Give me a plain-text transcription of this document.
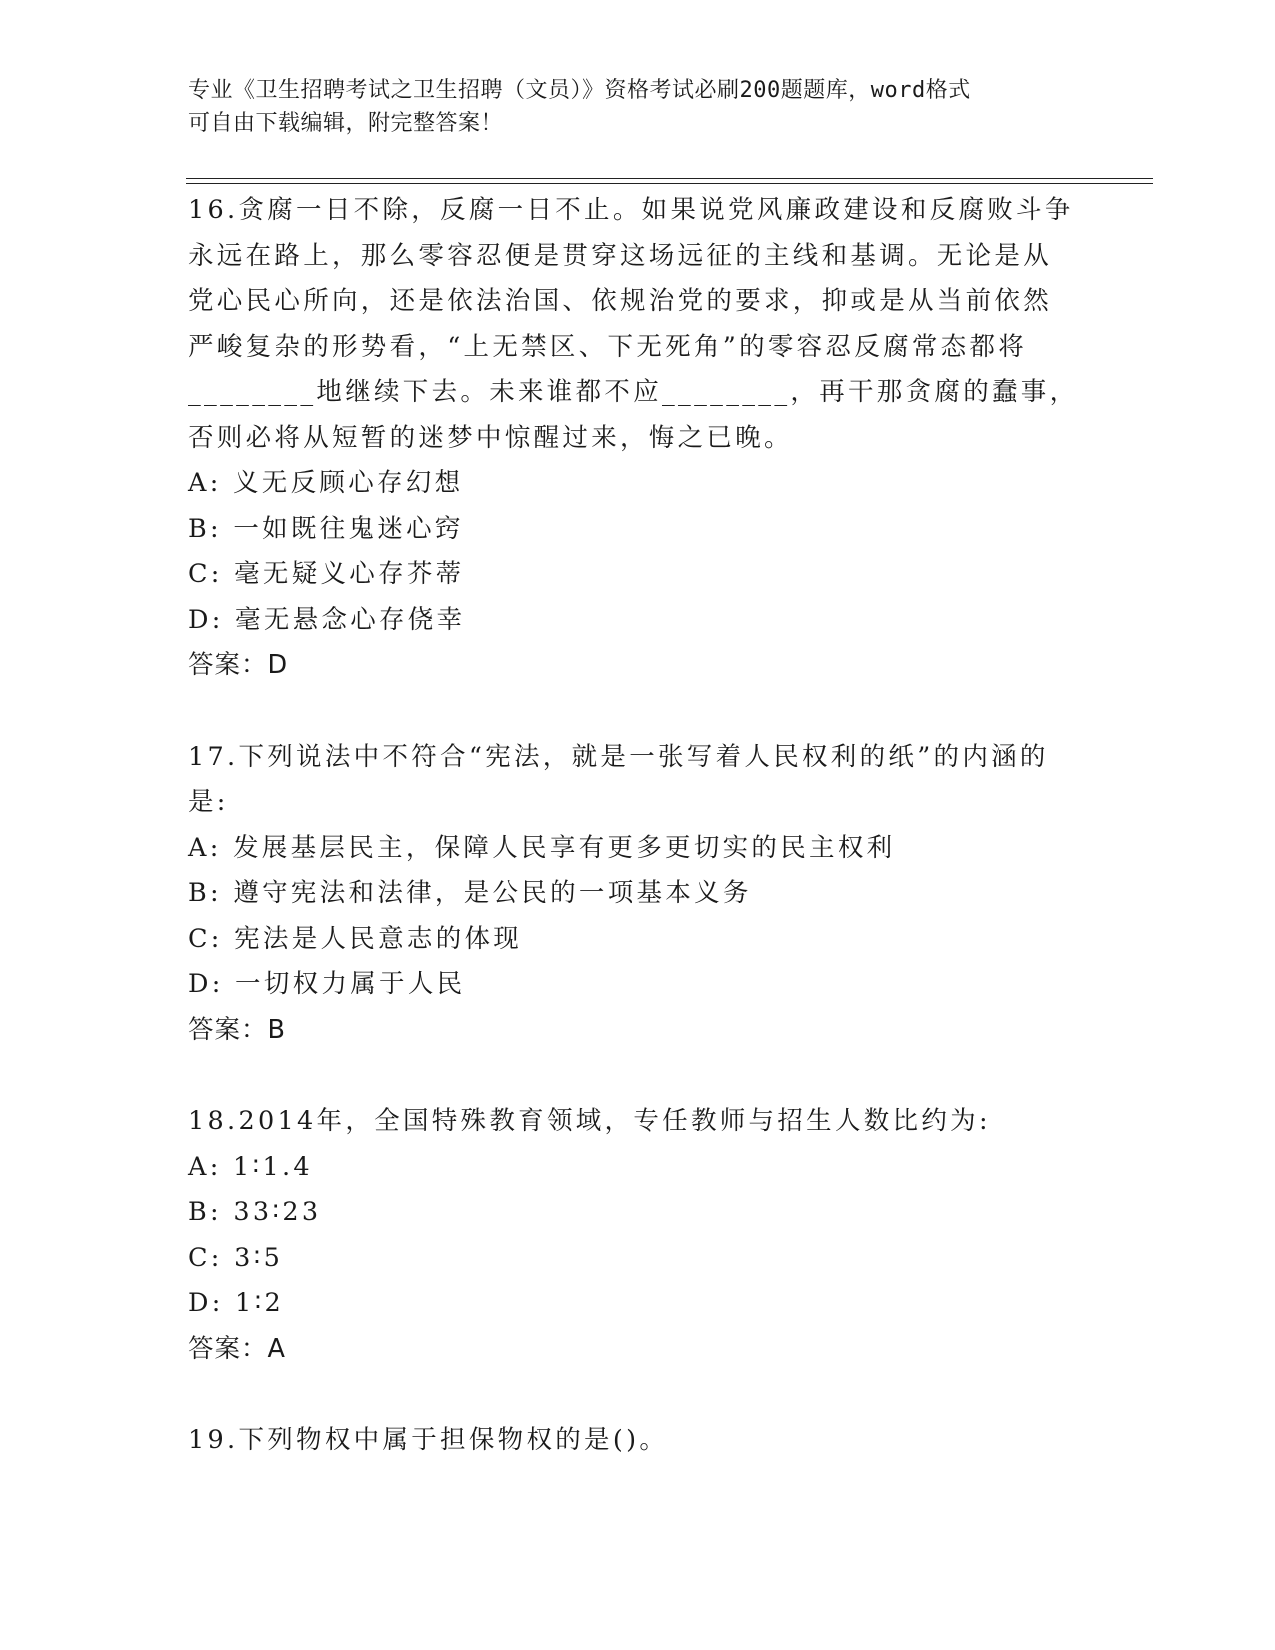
专业《卫生招聘考试之卫生招聘（文员）》资格考试必刷200题题库，word格式
可自由下载编辑，附完整答案！
16.贪腐一日不除，反腐一日不止。如果说党风廉政建设和反腐败斗争
永远在路上，那么零容忍便是贯穿这场远征的主线和基调。无论是从
党心民心所向，还是依法治国、依规治党的要求，抑或是从当前依然
严峻复杂的形势看，“上无禁区、下无死角”的零容忍反腐常态都将
________地继续下去。未来谁都不应________，再干那贪腐的蠢事，
否则必将从短暂的迷梦中惊醒过来，悔之已晚。
A: 义无反顾心存幻想
B: 一如既往鬼迷心窍
C: 毫无疑义心存芥蒂
D: 毫无悬念心存侥幸
答案：D
17.下列说法中不符合“宪法，就是一张写着人民权利的纸”的内涵的
是:
A: 发展基层民主，保障人民享有更多更切实的民主权利
B: 遵守宪法和法律，是公民的一项基本义务
C: 宪法是人民意志的体现
D: 一切权力属于人民
答案：B
18.2014年，全国特殊教育领域，专任教师与招生人数比约为:
A: 1∶1.4
B: 33∶23
C: 3∶5
D: 1∶2
答案：A
19.下列物权中属于担保物权的是()。
